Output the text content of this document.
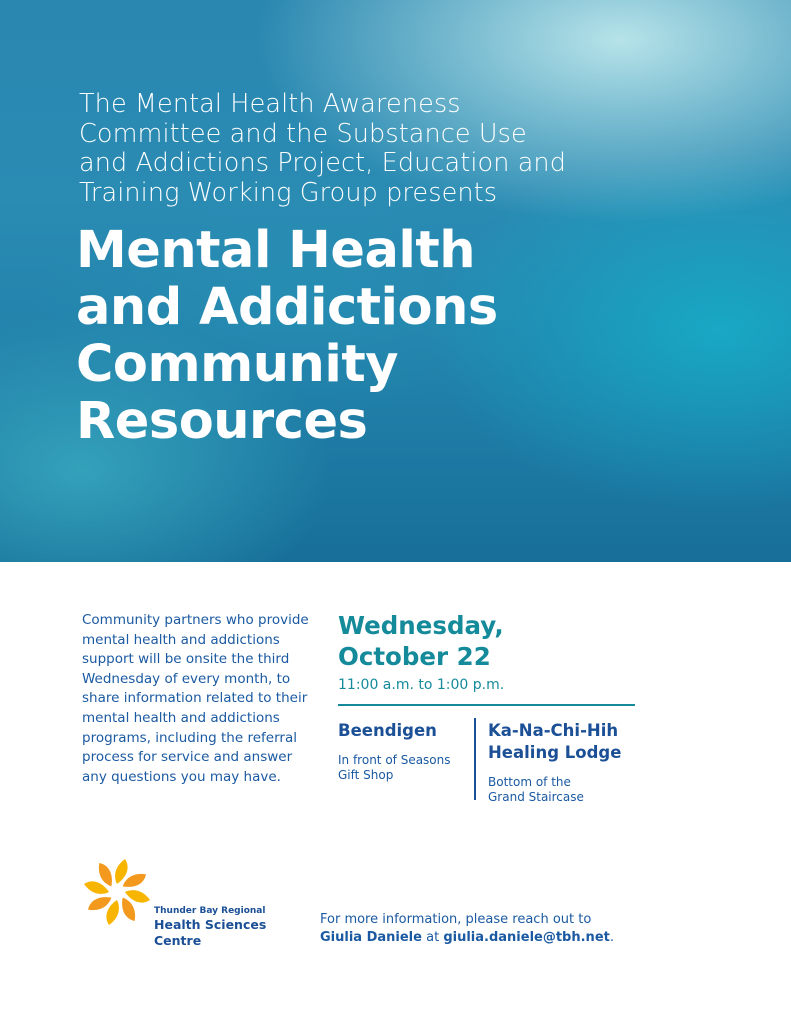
The Mental Health Awareness
Committee and the Substance Use
and Addictions Project, Education and
Training Working Group presents

Mental Health
and Addictions
Community
Resources

Community partners who provide mental health and addictions support will be onsite the third Wednesday of every month, to share information related to their mental health and addictions programs, including the referral process for service and answer any questions you may have.

Wednesday,
October 22
11:00 a.m. to 1:00 p.m.
Beendigen
In front of Seasons
Gift Shop
Ka-Na-Chi-Hih
Healing Lodge
Bottom of the
Grand Staircase
Thunder Bay Regional
Health Sciences
Centre
For more information, please reach out to
Giulia Daniele at giulia.daniele@tbh.net.
